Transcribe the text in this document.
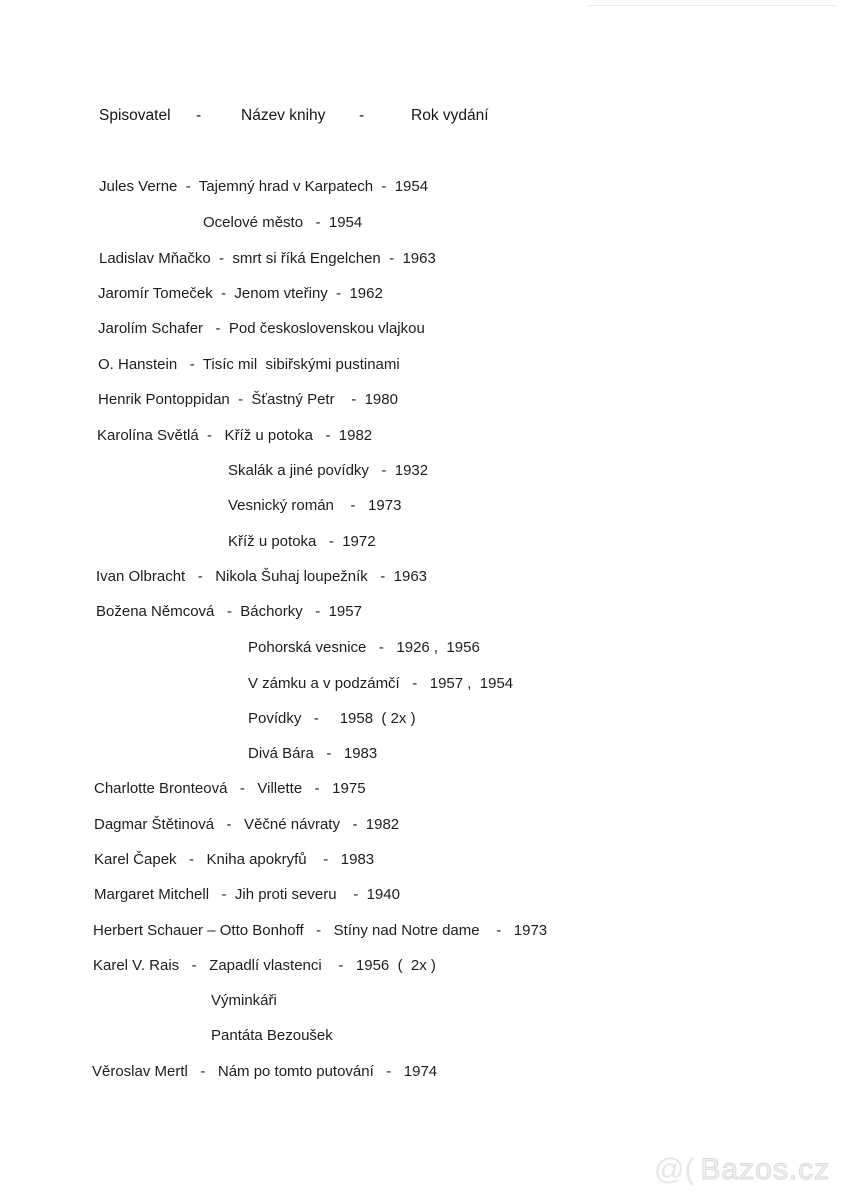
Spisovatel -	Název knihy -	Rok vydání
Jules Verne  -  Tajemný hrad v Karpatech  -  1954
Ocelové město   -  1954
Ladislav Mňačko  -  smrt si říká Engelchen  -  1963
Jaromír Tomeček  -  Jenom vteřiny  -  1962
Jarolím Schafer   -  Pod československou vlajkou
O. Hanstein   -  Tisíc mil  sibiřskými pustinami
Henrik Pontoppidan  -  Šťastný Petr    -  1980
Karolína Světlá  -   Kříž u potoka   -  1982
Skalák a jiné povídky   -  1932
Vesnický román    -   1973
Kříž u potoka   -  1972
Ivan Olbracht   -   Nikola Šuhaj loupežník   -  1963
Božena Němcová   -  Báchorky   -  1957
Pohorská vesnice   -   1926 ,  1956
V zámku a v podzámčí   -   1957 ,  1954
Povídky   -     1958  ( 2x )
Divá Bára   -   1983
Charlotte Bronteová   -   Villette   -   1975
Dagmar Štětinová   -   Věčné návraty   -  1982
Karel Čapek   -   Kniha apokryfů    -   1983
Margaret Mitchell   -  Jih proti severu    -  1940
Herbert Schauer – Otto Bonhoff   -   Stíny nad Notre dame    -   1973
Karel V. Rais   -   Zapadlí vlastenci    -   1956  (  2x )
Výminkáři
Pantáta Bezoušek
Věroslav Mertl   -   Nám po tomto putování   -   1974
@( Bazos.cz
